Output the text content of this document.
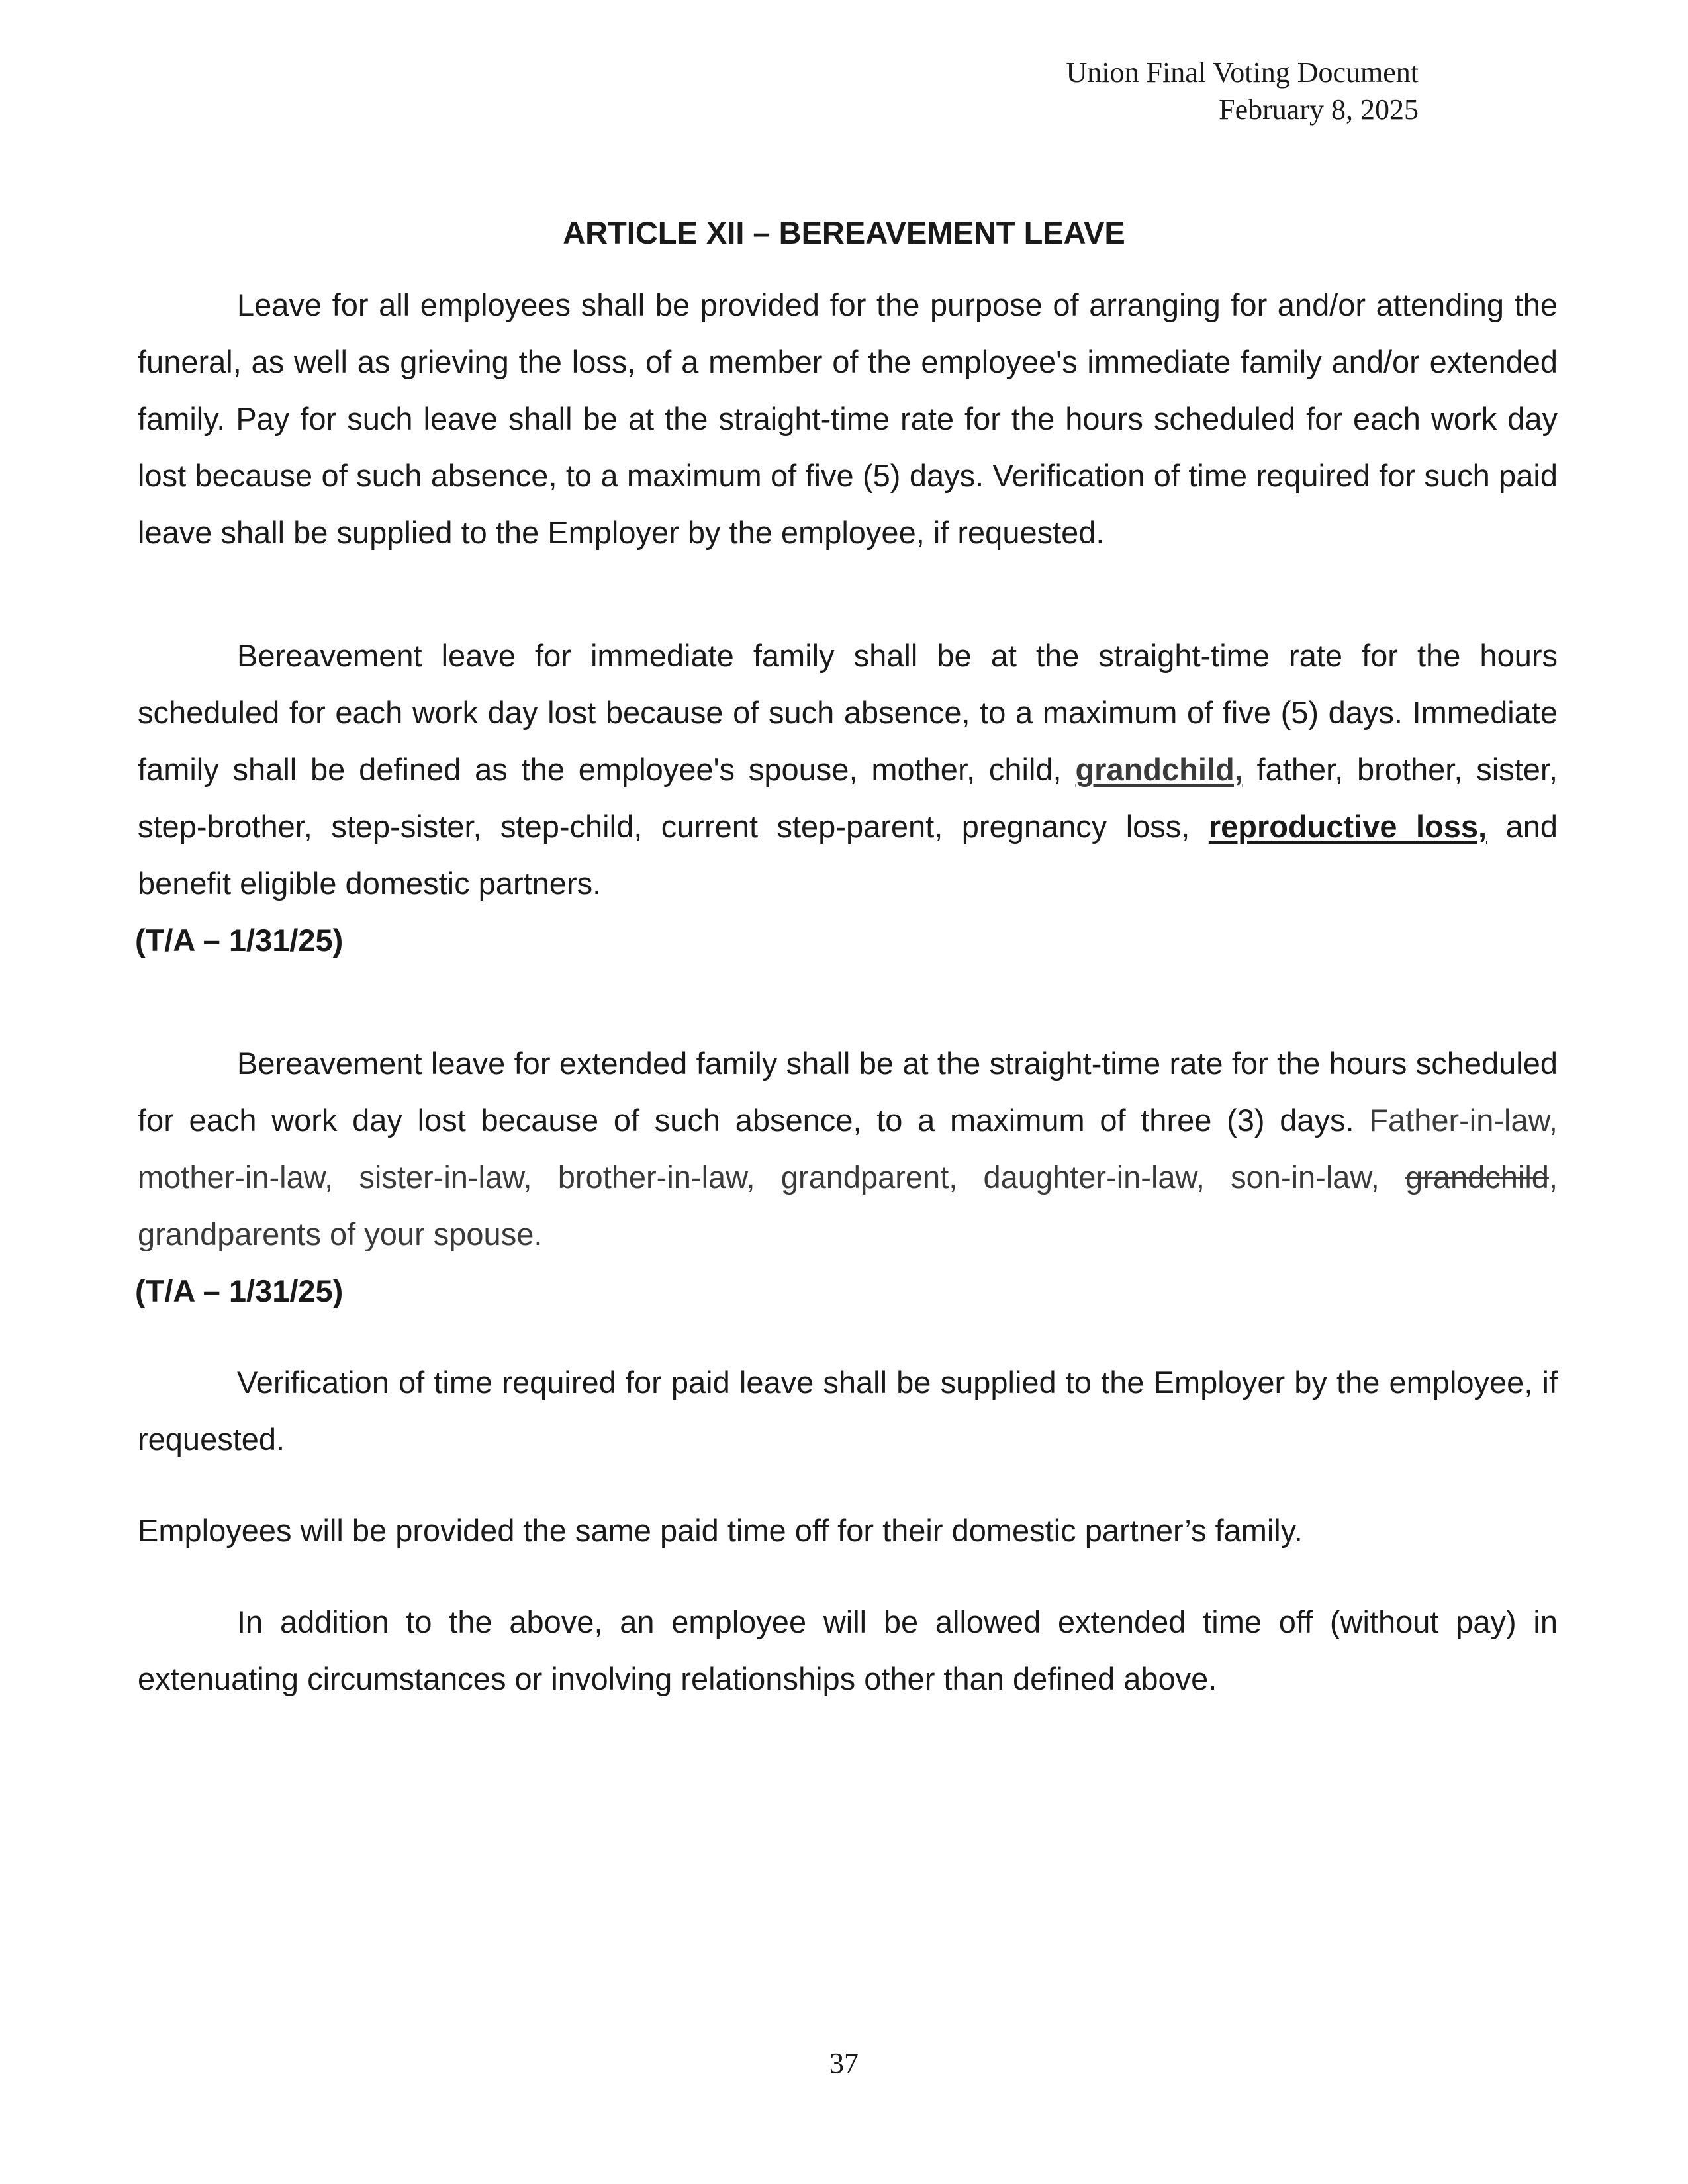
Union Final Voting Document
February 8, 2025
ARTICLE XII – BEREAVEMENT LEAVE

Leave for all employees shall be provided for the purpose of arranging for and/or attending the funeral, as well as grieving the loss, of a member of the employee's immediate family and/or extended family. Pay for such leave shall be at the straight-time rate for the hours scheduled for each work day lost because of such absence, to a maximum of five (5) days. Verification of time required for such paid leave shall be supplied to the Employer by the employee, if requested.

Bereavement leave for immediate family shall be at the straight-time rate for the hours scheduled for each work day lost because of such absence, to a maximum of five (5) days. Immediate family shall be defined as the employee's spouse, mother, child, grandchild, father, brother, sister, step-brother, step-sister, step-child, current step-parent, pregnancy loss, reproductive loss, and benefit eligible domestic partners.

(T/A – 1/31/25)

Bereavement leave for extended family shall be at the straight-time rate for the hours scheduled for each work day lost because of such absence, to a maximum of three (3) days. Father-in-law, mother-in-law, sister-in-law, brother-in-law, grandparent, daughter-in-law, son-in-law, grandchild, grandparents of your spouse.

(T/A – 1/31/25)

Verification of time required for paid leave shall be supplied to the Employer by the employee, if requested.

Employees will be provided the same paid time off for their domestic partner’s family.

In addition to the above, an employee will be allowed extended time off (without pay) in extenuating circumstances or involving relationships other than defined above.

37
